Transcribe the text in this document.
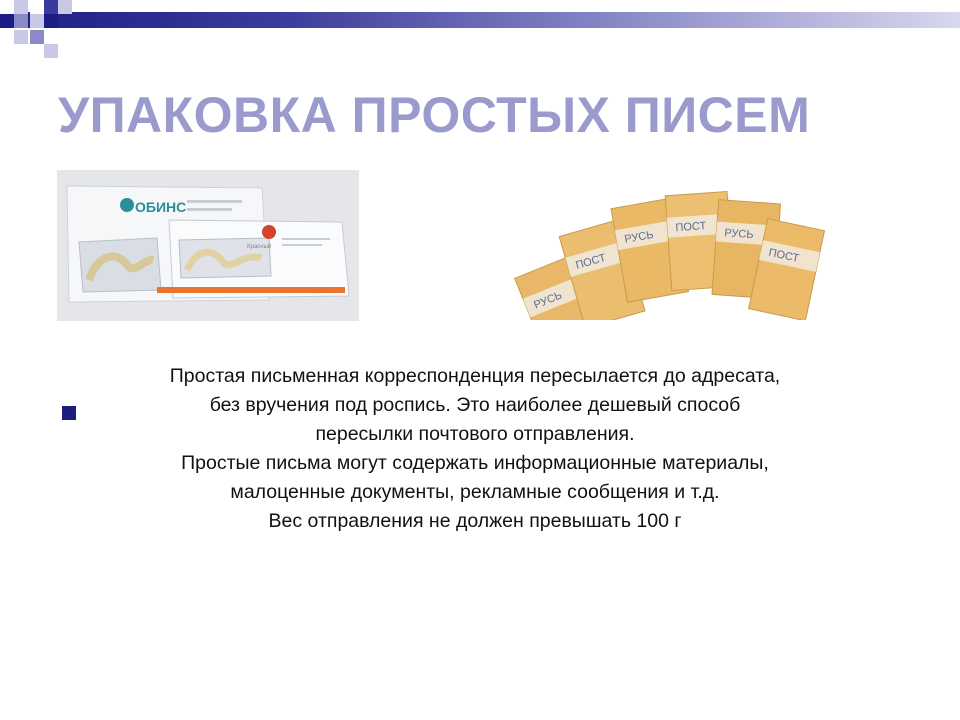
УПАКОВКА ПРОСТЫХ ПИСЕМ
ОБИНС
Красный
РУСЬ
ПОСТ
РУСЬ
ПОСТ РУСЬ
ПОСТ
Простая письменная корреспонденция пересылается до адресата,
без вручения под роспись. Это наиболее дешевый способ
пересылки почтового отправления.
Простые письма могут содержать информационные материалы,
малоценные документы, рекламные сообщения и т.д.
Вес отправления не должен превышать 100 г
